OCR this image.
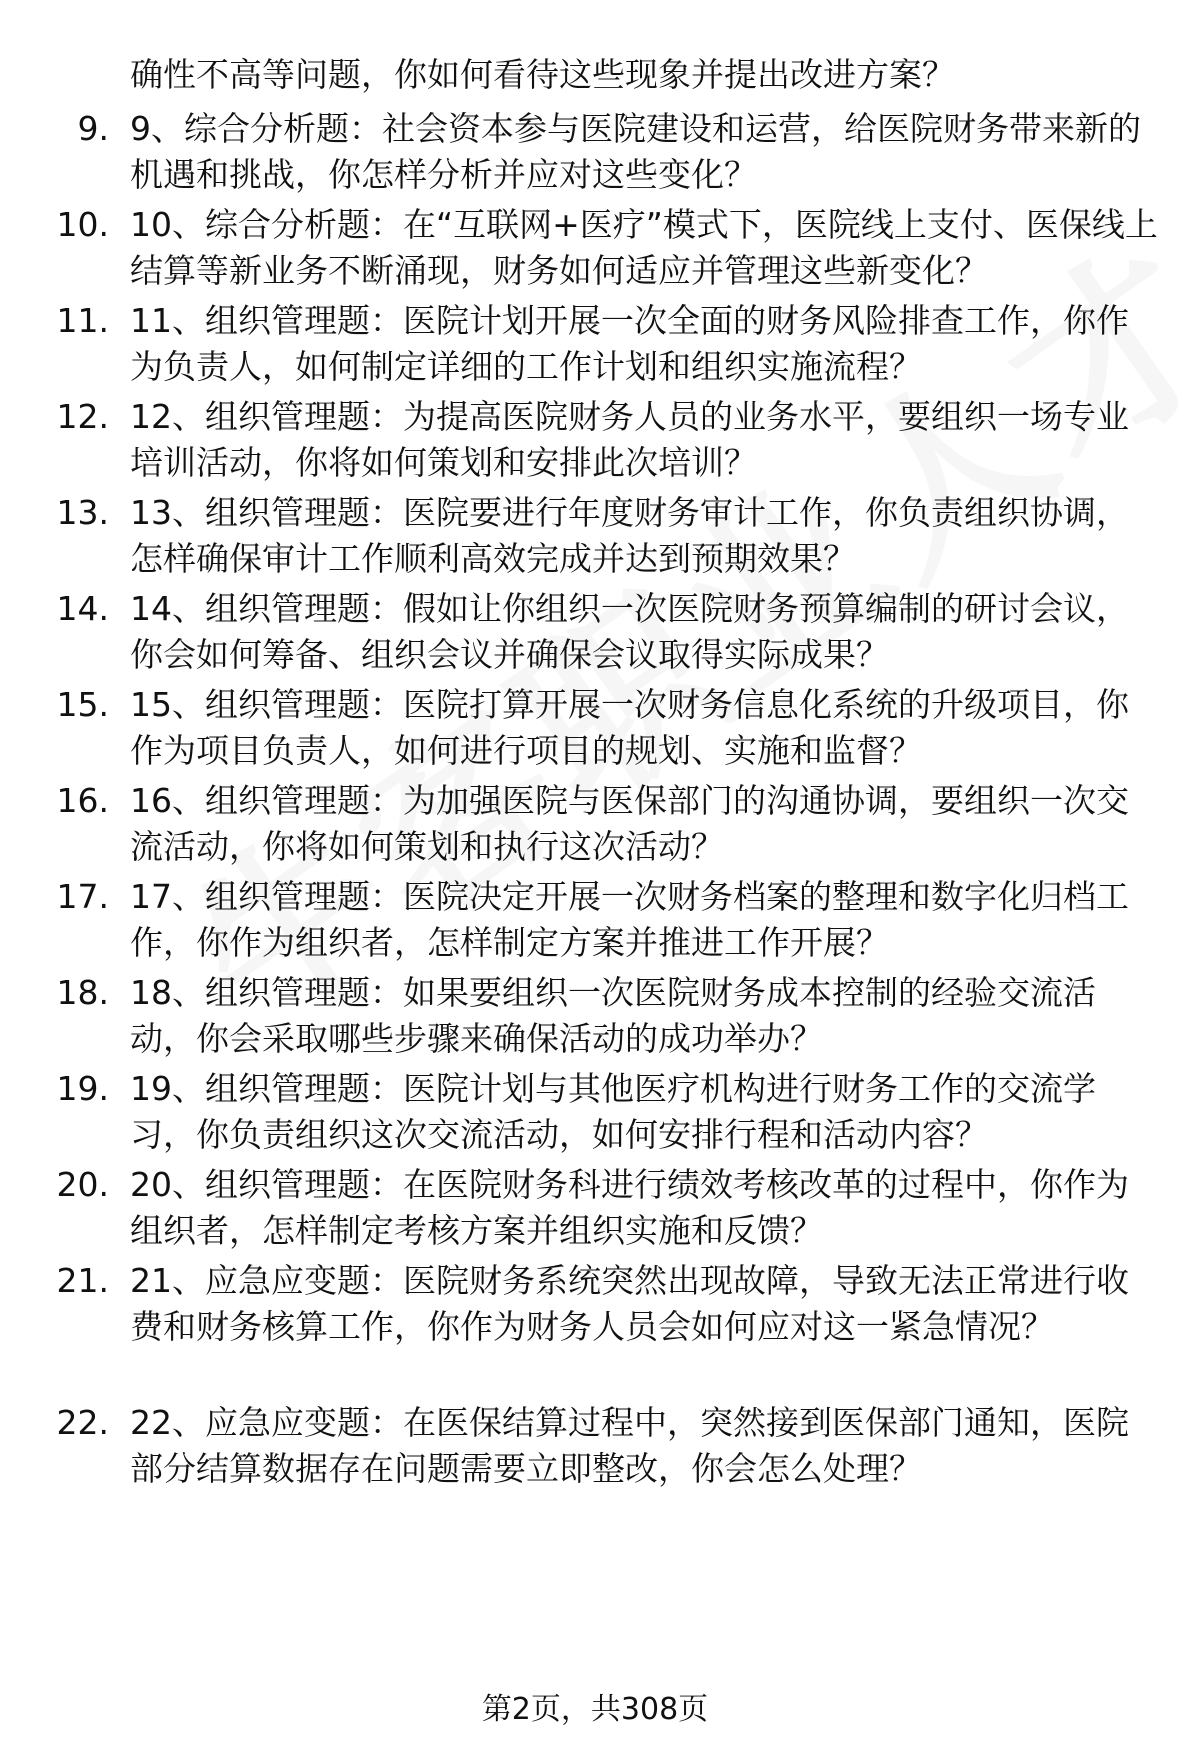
确性不高等问题，你如何看待这些现象并提出改进方案？
9. 9、综合分析题：社会资本参与医院建设和运营，给医院财务带来新的机遇和挑战，你怎样分析并应对这些变化？
10. 10、综合分析题：在“互联网+医疗”模式下，医院线上支付、医保线上结算等新业务不断涌现，财务如何适应并管理这些新变化？
11. 11、组织管理题：医院计划开展一次全面的财务风险排查工作，你作为负责人，如何制定详细的工作计划和组织实施流程？
12. 12、组织管理题：为提高医院财务人员的业务水平，要组织一场专业培训活动，你将如何策划和安排此次培训？
13. 13、组织管理题：医院要进行年度财务审计工作，你负责组织协调，怎样确保审计工作顺利高效完成并达到预期效果？
14. 14、组织管理题：假如让你组织一次医院财务预算编制的研讨会议，你会如何筹备、组织会议并确保会议取得实际成果？
15. 15、组织管理题：医院打算开展一次财务信息化系统的升级项目，你作为项目负责人，如何进行项目的规划、实施和监督？
16. 16、组织管理题：为加强医院与医保部门的沟通协调，要组织一次交流活动，你将如何策划和执行这次活动？
17. 17、组织管理题：医院决定开展一次财务档案的整理和数字化归档工作，你作为组织者，怎样制定方案并推进工作开展？
18. 18、组织管理题：如果要组织一次医院财务成本控制的经验交流活动，你会采取哪些步骤来确保活动的成功举办？
19. 19、组织管理题：医院计划与其他医疗机构进行财务工作的交流学习，你负责组织这次交流活动，如何安排行程和活动内容？
20. 20、组织管理题：在医院财务科进行绩效考核改革的过程中，你作为组织者，怎样制定考核方案并组织实施和反馈？
21. 21、应急应变题：医院财务系统突然出现故障，导致无法正常进行收费和财务核算工作，你作为财务人员会如何应对这一紧急情况？
22. 22、应急应变题：在医保结算过程中，突然接到医保部门通知，医院部分结算数据存在问题需要立即整改，你会怎么处理？
第2页，共308页
